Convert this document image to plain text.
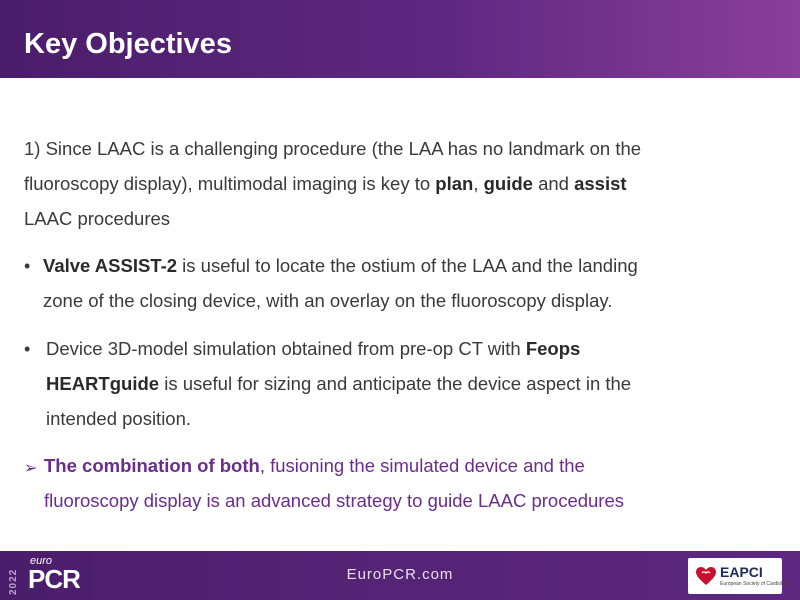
Key Objectives
1) Since LAAC is a challenging procedure (the LAA has no landmark on the
fluoroscopy display), multimodal imaging is key to plan, guide and assist
LAAC procedures
• Valve ASSIST-2 is useful to locate the ostium of the LAA and the landing
zone of the closing device, with an overlay on the fluoroscopy display.
• Device 3D-model simulation obtained from pre-op CT with Feops
HEARTguide is useful for sizing and anticipate the device aspect in the
intended position.
➢ The combination of both, fusioning the simulated device and the
fluoroscopy display is an advanced strategy to guide LAAC procedures
2022
euro
PCR	EuroPCR.com	EAPCI
European Society of Cardiology
